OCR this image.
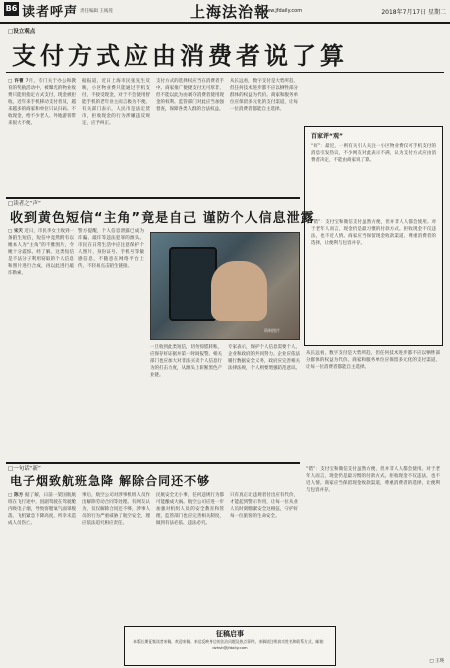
B6 读者呼声 责任编辑 王嫣莲	上海法治報
www.jfdaily.com	2018年7月17日 星期二
□设立观点
支付方式应由消费者说了算
□ 许曹 7月，专门关于办公和教育的奖励活动中，被曝光的物业收费只能用指定方式支付，现金被拒收。近年来手机移动支付普及，越来越多的商家和单位只认扫码、不收现金，给不少老人、外地游客带来很大不便。
据报道，近日上海市民张先生反映，小区物业费只能通过手机支付，不接受现金，对于不会使用智能手机的老年业主而言极为不便。有关部门表示，人民币是法定货币，拒收现金的行为涉嫌违反规定，应予纠正。
支付方式的选择权应当在消费者手中。商家推广便捷支付无可厚非，但不能以此为由剥夺消费者使用现金的权利。监管部门对此应当加强督查，保障各类人群的合法权益。
从长远看，数字支付是大势所趋，但任何技术进步都不应以牺牲部分群体的权益为代价。商家和服务单位应保留多元化的支付渠道，让每一位消费者都能自主选择。
百家评“观”
“好”：最近，一则有关引人关注一小区物业费仅可手机支付的消息引发热议，不少网友对此表示不满，认为支付方式应由消费者决定，不能由商家说了算。
“错”：支付宝和微信支付虽然方便，但并非人人都会使用。对于老年人而言，现金仍是最习惯的付款方式。拒收现金不仅违法，也不近人情。商家应当保留现金收款渠道，尊重消费者的选择，让便利与包容并存。
□读者之“声”
收到黄色短信“主角”竟是自己 谨防个人信息泄露
□ 宋天 近日，市民李女士收到一条陌生短信，短信中竟然附有以她本人为“主角”的不雅图片，令她十分震惊。经了解，这类短信是不法分子利用窃取的个人信息和照片进行合成，再以此进行敲诈勒索。
警方提醒，个人信息泄露已成为诈骗、敲诈等违法犯罪的源头。市民在日常生活中应注意保护个人照片、身份证号、手机号等敏感信息，不随意在网络平台上传，不轻易点击陌生链接。
资料图片
一旦收到此类短信，切勿惊慌转账，应保存好证据并第一时间报警。相关部门也应加大对非法买卖个人信息行为的打击力度，从源头上斩断黑色产业链。
专家表示，保护个人信息需要个人、企业和政府的共同努力。企业应依法履行数据安全义务，政府应完善相关法律法规，个人则要增强防范意识。
从长远看，数字支付是大势所趋，但任何技术进步都不应以牺牲部分群体的权益为代价。商家和服务单位应保留多元化的支付渠道，让每一位消费者都能自主选择。
□一句话“新”
电子烟致航班急降 解除合同还不够
□ 陈方 据了解，日前一架国航航班在飞行途中，因副驾驶在驾驶舱内吸电子烟，导致客舱氧气面罩脱落，飞机紧急下降高度，所幸未造成人员伤亡。
事后，航空公司对涉事机组人员作出解除劳动合同等处理。有网友认为，仅仅解除合同还不够，涉事人员的行为严重威胁了航空安全，理应依法追究相应责任。
民航安全无小事，任何违规行为都可能酿成大祸。航空公司应进一步加强对机组人员的安全教育和管理，监管部门也应完善相关制度，做到有法必依、违法必究。
只有真正让违规者付出应有代价，才能起到警示作用，让每一位从业人员时刻绷紧安全这根弦，守护好每一位旅客的生命安全。
“错”：支付宝和微信支付虽然方便，但并非人人都会使用。对于老年人而言，现金仍是最习惯的付款方式。拒收现金不仅违法，也不近人情。商家应当保留现金收款渠道，尊重消费者的选择，让便利与包容并存。
征稿启事
本版长期征集读者来稿，欢迎来稿、来信反映身边的法治问题及热点事件。来稿请注明真实姓名和联系方式，邮箱：dzhsh@jfdaily.com
□ 王瑛
